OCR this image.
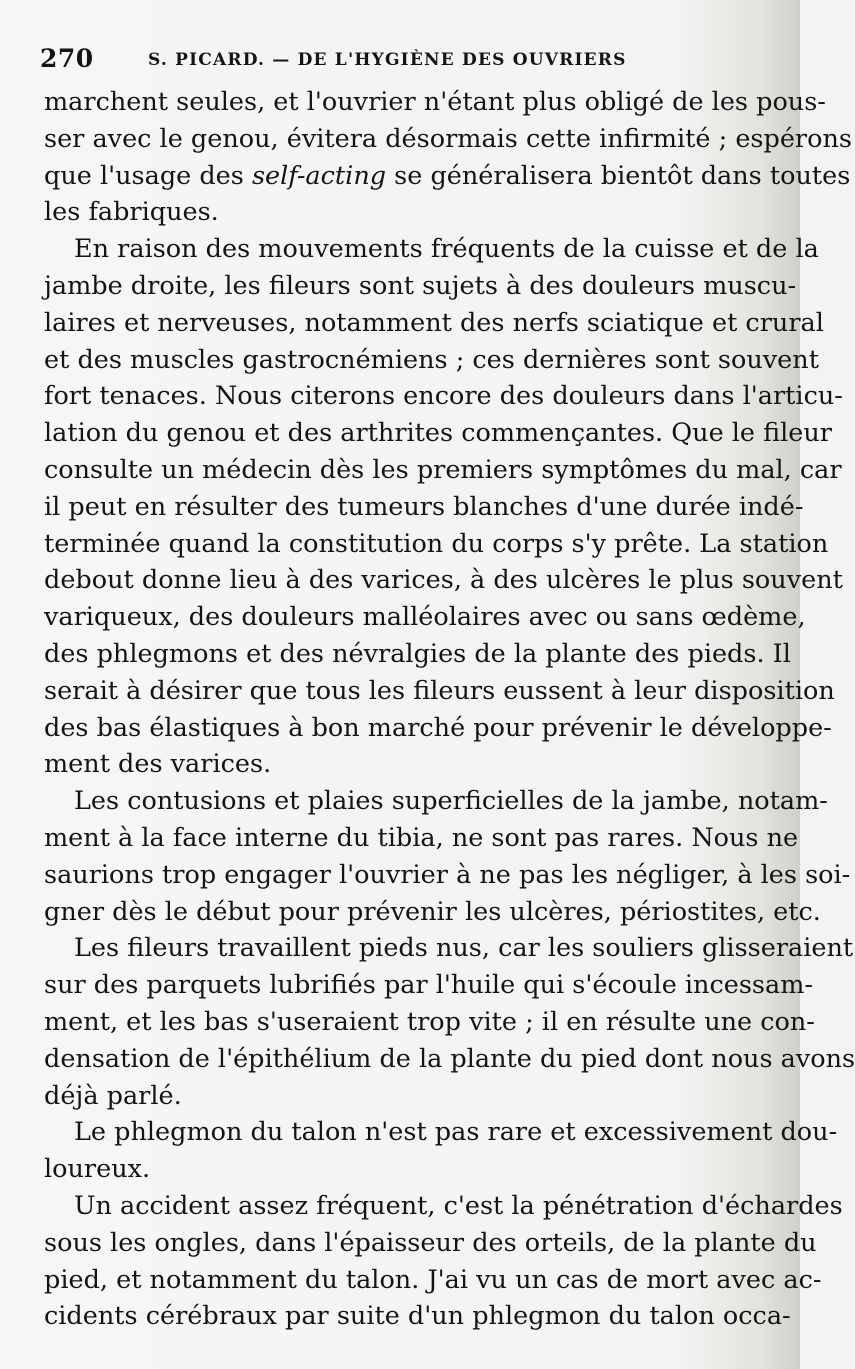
270	S. PICARD. — DE L'HYGIÈNE DES OUVRIERS
marchent seules, et l'ouvrier n'étant plus obligé de les pous-
ser avec le genou, évitera désormais cette infirmité ; espérons
que l'usage des self-acting se généralisera bientôt dans toutes
les fabriques.
En raison des mouvements fréquents de la cuisse et de la
jambe droite, les fileurs sont sujets à des douleurs muscu-
laires et nerveuses, notamment des nerfs sciatique et crural
et des muscles gastrocnémiens ; ces dernières sont souvent
fort tenaces. Nous citerons encore des douleurs dans l'articu-
lation du genou et des arthrites commençantes. Que le fileur
consulte un médecin dès les premiers symptômes du mal, car
il peut en résulter des tumeurs blanches d'une durée indé-
terminée quand la constitution du corps s'y prête. La station
debout donne lieu à des varices, à des ulcères le plus souvent
variqueux, des douleurs malléolaires avec ou sans œdème,
des phlegmons et des névralgies de la plante des pieds. Il
serait à désirer que tous les fileurs eussent à leur disposition
des bas élastiques à bon marché pour prévenir le développe-
ment des varices.
Les contusions et plaies superficielles de la jambe, notam-
ment à la face interne du tibia, ne sont pas rares. Nous ne
saurions trop engager l'ouvrier à ne pas les négliger, à les soi-
gner dès le début pour prévenir les ulcères, périostites, etc.
Les fileurs travaillent pieds nus, car les souliers glisseraient
sur des parquets lubrifiés par l'huile qui s'écoule incessam-
ment, et les bas s'useraient trop vite ; il en résulte une con-
densation de l'épithélium de la plante du pied dont nous avons
déjà parlé.
Le phlegmon du talon n'est pas rare et excessivement dou-
loureux.
Un accident assez fréquent, c'est la pénétration d'échardes
sous les ongles, dans l'épaisseur des orteils, de la plante du
pied, et notamment du talon. J'ai vu un cas de mort avec ac-
cidents cérébraux par suite d'un phlegmon du talon occa-
